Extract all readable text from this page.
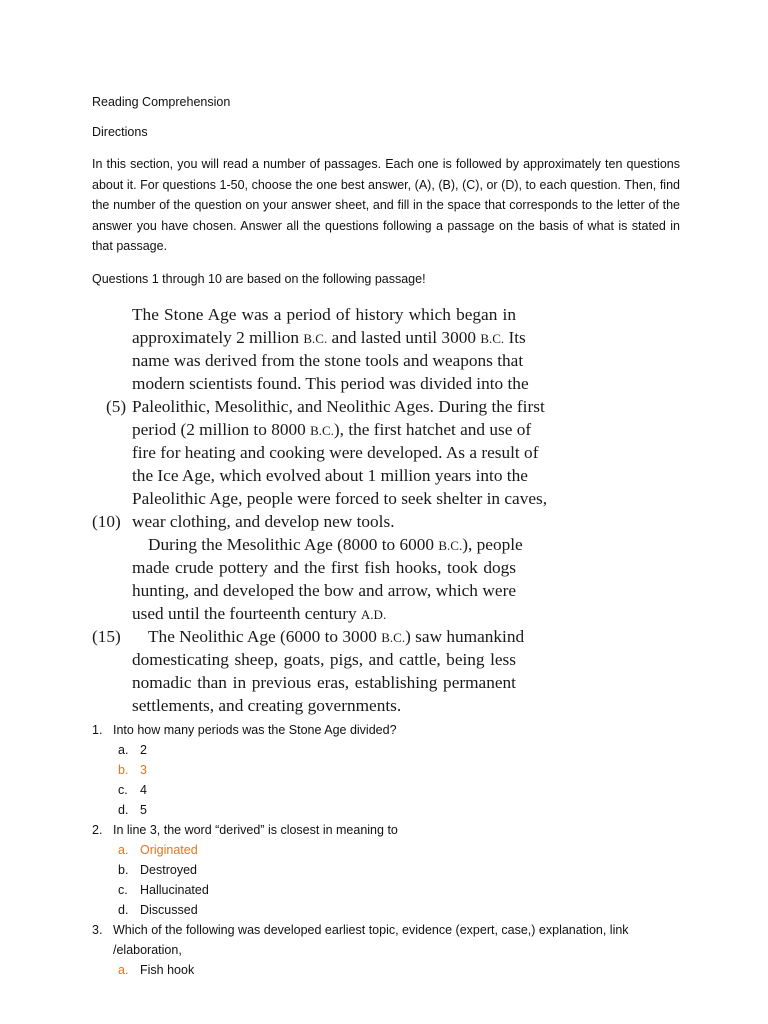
Reading Comprehension
Directions
In this section, you will read a number of passages. Each one is followed by approximately ten questions about it. For questions 1-50, choose the one best answer, (A), (B), (C), or (D), to each question. Then, find the number of the question on your answer sheet, and fill in the space that corresponds to the letter of the answer you have chosen. Answer all the questions following a passage on the basis of what is stated in that passage.
Questions 1 through 10 are based on the following passage!
The Stone Age was a period of history which began in
approximately 2 million B.C. and lasted until 3000 B.C. Its
name was derived from the stone tools and weapons that
modern scientists found. This period was divided into the
(5) Paleolithic, Mesolithic, and Neolithic Ages. During the first
period (2 million to 8000 B.C.), the first hatchet and use of
fire for heating and cooking were developed. As a result of
the Ice Age, which evolved about 1 million years into the
Paleolithic Age, people were forced to seek shelter in caves,
(10) wear clothing, and develop new tools.
During the Mesolithic Age (8000 to 6000 B.C.), people
made crude pottery and the first fish hooks, took dogs
hunting, and developed the bow and arrow, which were
used until the fourteenth century A.D.
(15) The Neolithic Age (6000 to 3000 B.C.) saw humankind
domesticating sheep, goats, pigs, and cattle, being less
nomadic than in previous eras, establishing permanent
settlements, and creating governments.
1. Into how many periods was the Stone Age divided?
a. 2
b. 3
c. 4
d. 5
2. In line 3, the word “derived” is closest in meaning to
a. Originated
b. Destroyed
c. Hallucinated
d. Discussed
3. Which of the following was developed earliest topic, evidence (expert, case,) explanation, link /elaboration,
a. Fish hook
